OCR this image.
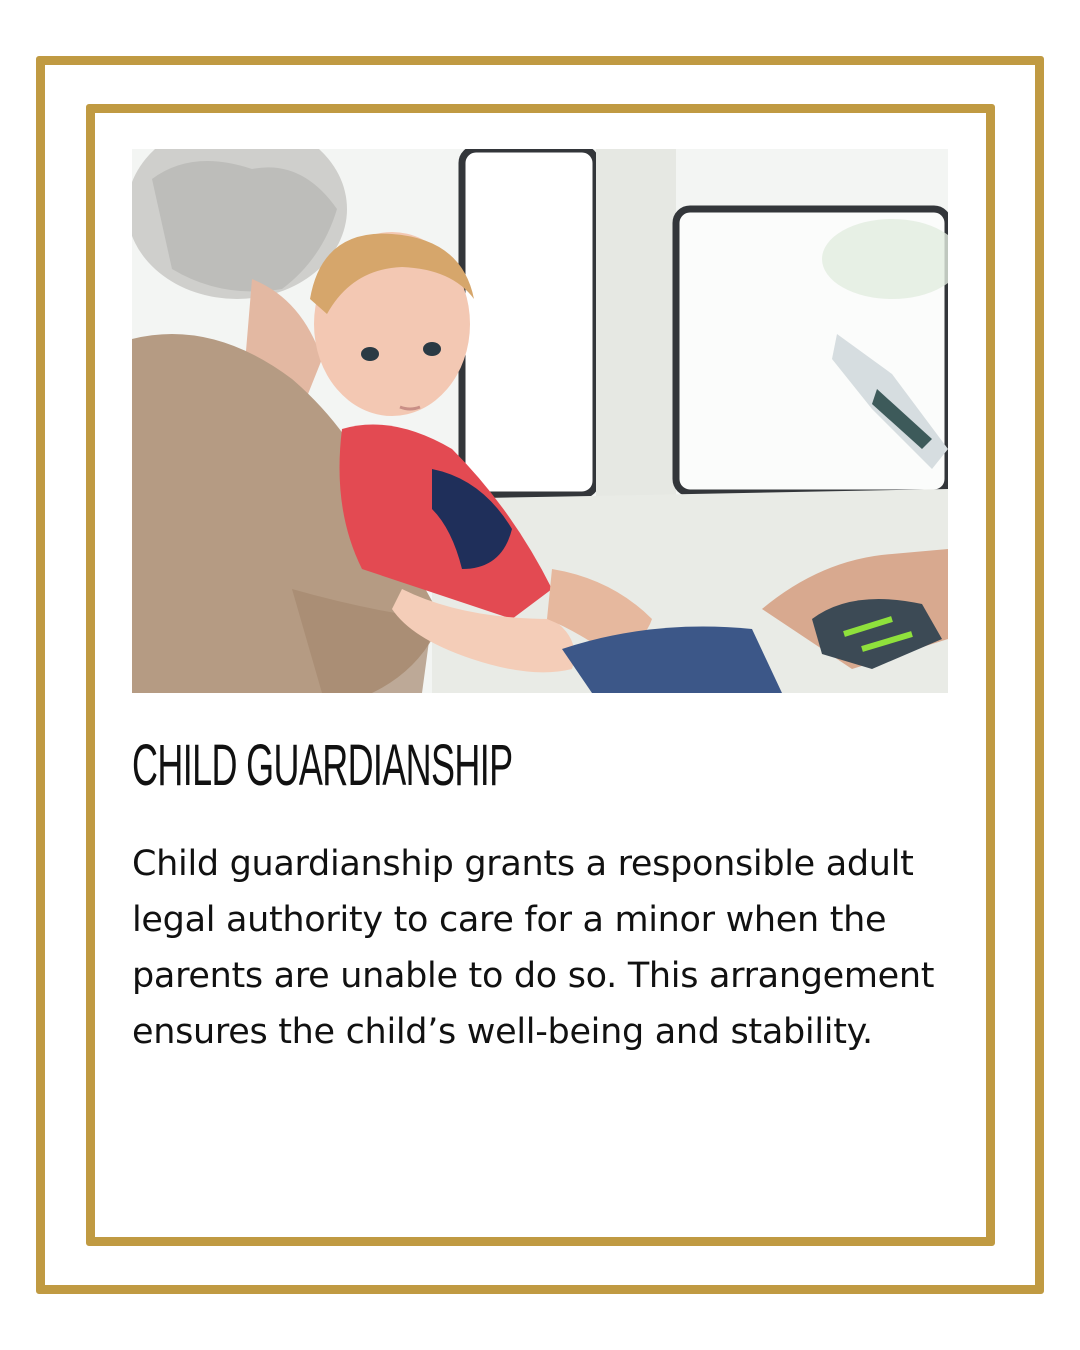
CHILD GUARDIANSHIP

Child guardianship grants a responsible adult legal authority to care for a minor when the parents are unable to do so. This arrangement ensures the child’s well-being and stability.
